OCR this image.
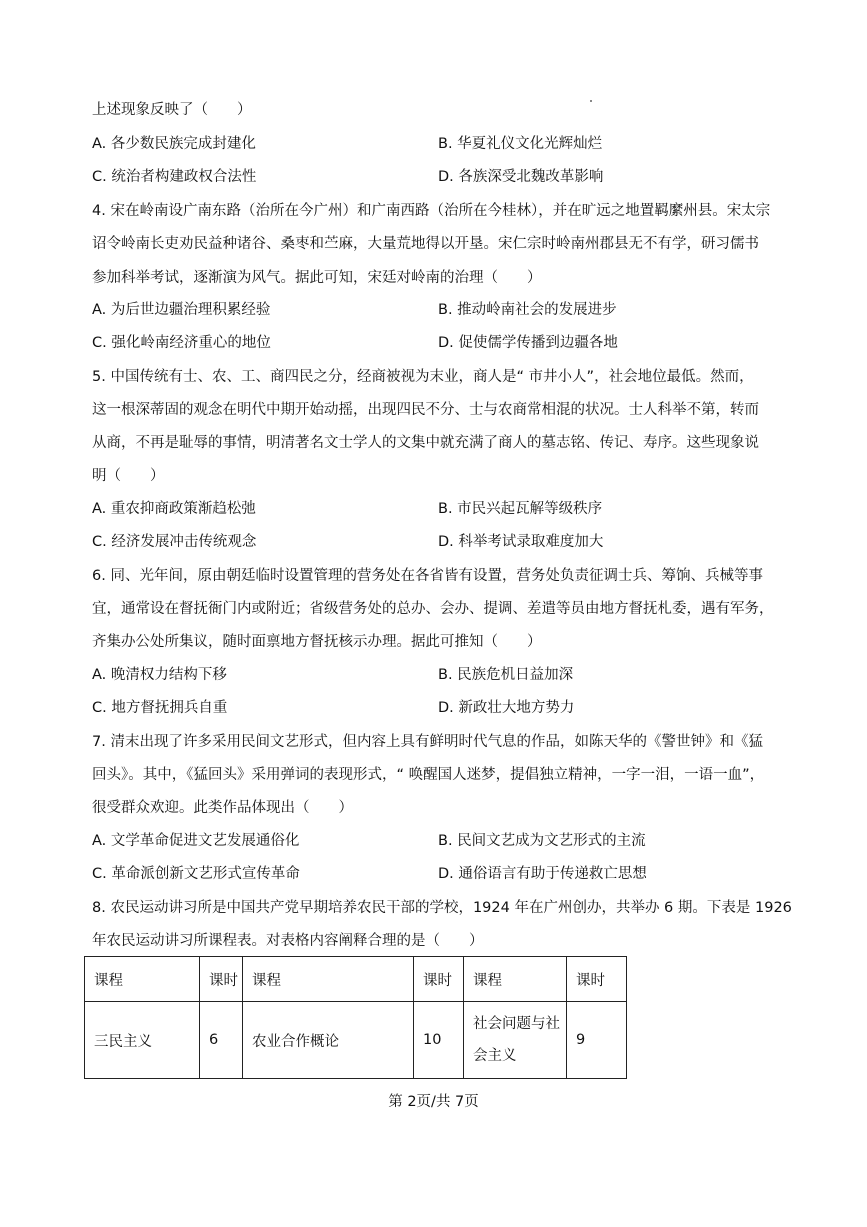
上述现象反映了（　　）
A. 各少数民族完成封建化	B. 华夏礼仪文化光辉灿烂
C. 统治者构建政权合法性	D. 各族深受北魏改革影响
4. 宋在岭南设广南东路（治所在今广州）和广南西路（治所在今桂林），并在旷远之地置羁縻州县。宋太宗
诏令岭南长吏劝民益种诸谷、桑枣和苎麻，大量荒地得以开垦。宋仁宗时岭南州郡县无不有学，研习儒书
参加科举考试，逐渐演为风气。据此可知，宋廷对岭南的治理（　　）
A. 为后世边疆治理积累经验	B. 推动岭南社会的发展进步
C. 强化岭南经济重心的地位	D. 促使儒学传播到边疆各地
5. 中国传统有士、农、工、商四民之分，经商被视为末业，商人是“ 市井小人”，社会地位最低。然而，
这一根深蒂固的观念在明代中期开始动摇，出现四民不分、士与农商常相混的状况。士人科举不第，转而
从商，不再是耻辱的事情，明清著名文士学人的文集中就充满了商人的墓志铭、传记、寿序。这些现象说
明（　　）
A. 重农抑商政策渐趋松弛	B. 市民兴起瓦解等级秩序
C. 经济发展冲击传统观念	D. 科举考试录取难度加大
6. 同、光年间，原由朝廷临时设置管理的营务处在各省皆有设置，营务处负责征调士兵、筹饷、兵械等事
宜，通常设在督抚衙门内或附近；省级营务处的总办、会办、提调、差遣等员由地方督抚札委，遇有军务，
齐集办公处所集议，随时面禀地方督抚核示办理。据此可推知（　　）
A. 晚清权力结构下移	B. 民族危机日益加深
C. 地方督抚拥兵自重	D. 新政壮大地方势力
7. 清末出现了许多采用民间文艺形式，但内容上具有鲜明时代气息的作品，如陈天华的《警世钟》和《猛
回头》。其中，《猛回头》采用弹词的表现形式，“ 唤醒国人迷梦，提倡独立精神，一字一泪，一语一血”，
很受群众欢迎。此类作品体现出（　　）
A. 文学革命促进文艺发展通俗化	B. 民间文艺成为文艺形式的主流
C. 革命派创新文艺形式宣传革命	D. 通俗语言有助于传递救亡思想
8. 农民运动讲习所是中国共产党早期培养农民干部的学校，1924 年在广州创办，共举办 6 期。下表是 1926
年农民运动讲习所课程表。对表格内容阐释合理的是（　　）
课程	课时	课程	课时	课程	课时
三民主义	6	农业合作概论	10	社会问题与社会主义	9
第 2页/共 7页
